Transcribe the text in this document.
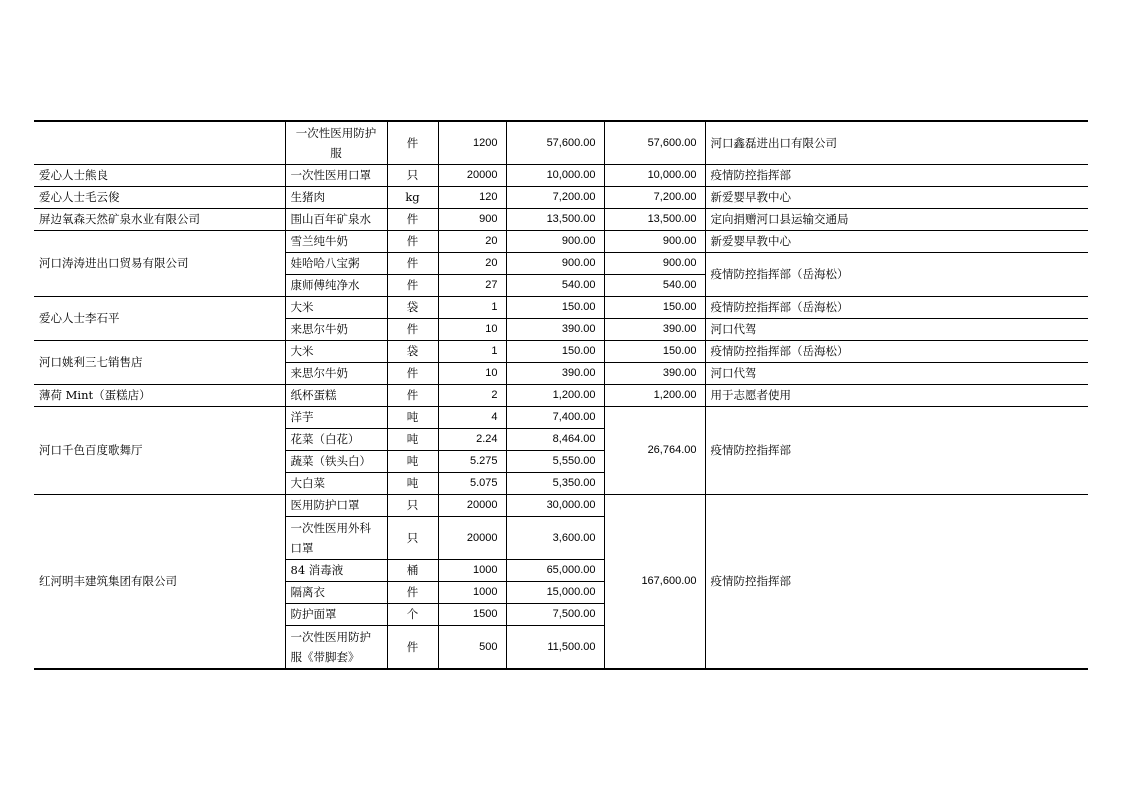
	一次性医用防护服	件	1200	57,600.00	57,600.00	河口鑫磊进出口有限公司
爱心人士熊良	一次性医用口罩	只	20000	10,000.00	10,000.00	疫情防控指挥部
爱心人士毛云俊	生猪肉	kg	120	7,200.00	7,200.00	新爱婴早教中心
屏边氧森天然矿泉水业有限公司	围山百年矿泉水	件	900	13,500.00	13,500.00	定向捐赠河口县运输交通局
河口涛涛进出口贸易有限公司	雪兰纯牛奶	件	20	900.00	900.00	新爱婴早教中心
	娃哈哈八宝粥	件	20	900.00	900.00	疫情防控指挥部（岳海松）
	康师傅纯净水	件	27	540.00	540.00	
爱心人士李石平	大米	袋	1	150.00	150.00	疫情防控指挥部（岳海松）
	来思尔牛奶	件	10	390.00	390.00	河口代驾
河口姚利三七销售店	大米	袋	1	150.00	150.00	疫情防控指挥部（岳海松）
	来思尔牛奶	件	10	390.00	390.00	河口代驾
薄荷 Mint（蛋糕店）	纸杯蛋糕	件	2	1,200.00	1,200.00	用于志愿者使用
河口千色百度歌舞厅	洋芋	吨	4	7,400.00	26,764.00	疫情防控指挥部
	花菜（白花）	吨	2.24	8,464.00		
	蔬菜（铁头白）	吨	5.275	5,550.00		
	大白菜	吨	5.075	5,350.00		
红河明丰建筑集团有限公司	医用防护口罩	只	20000	30,000.00	167,600.00	疫情防控指挥部
	一次性医用外科口罩	只	20000	3,600.00		
	84 消毒液	桶	1000	65,000.00		
	隔离衣	件	1000	15,000.00		
	防护面罩	个	1500	7,500.00		
	一次性医用防护服《带脚套》	件	500	11,500.00		
